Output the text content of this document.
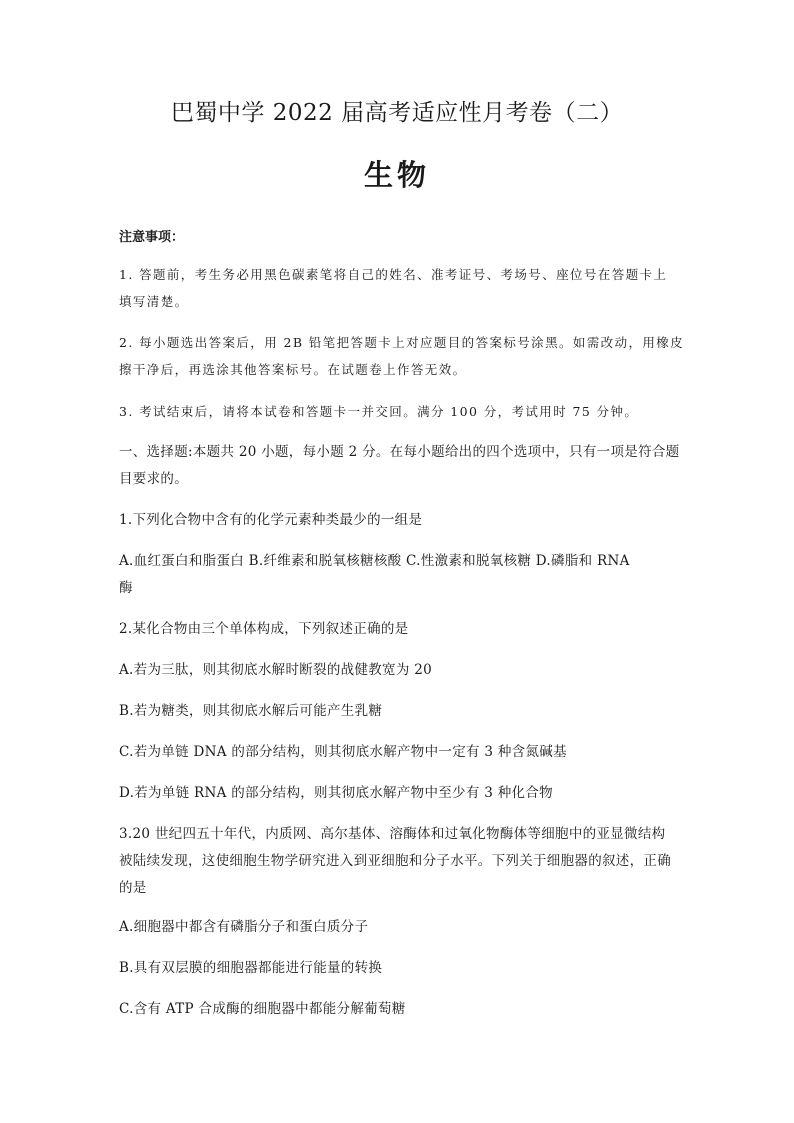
巴蜀中学 2022 届高考适应性月考卷（二）
生物
注意事项：
1. 答题前，考生务必用黑色碳素笔将自己的姓名、准考证号、考场号、座位号在答题卡上
填写清楚。
2. 每小题选出答案后，用 2B 铅笔把答题卡上对应题目的答案标号涂黑。如需改动，用橡皮
擦干净后，再选涂其他答案标号。在试题卷上作答无效。
3. 考试结束后，请将本试卷和答题卡一并交回。满分 100 分，考试用时 75 分钟。
一、选择题:本题共 20 小题，每小题 2 分。在每小题给出的四个选项中，只有一项是符合题
目要求的。
1.下列化合物中含有的化学元素种类最少的一组是
A.血红蛋白和脂蛋白 B.纤维素和脱氧核糖核酸 C.性激素和脱氧核糖 D.磷脂和 RNA
酶
2.某化合物由三个单体构成，下列叙述正确的是
A.若为三肽，则其彻底水解时断裂的战健教宽为 20
B.若为糖类，则其彻底水解后可能产生乳糖
C.若为单链 DNA 的部分结构，则其彻底水解产物中一定有 3 种含氮碱基
D.若为单链 RNA 的部分结构，则其彻底水解产物中至少有 3 种化合物
3.20 世纪四五十年代，内质网、高尔基体、溶酶体和过氧化物酶体等细胞中的亚显微结构
被陆续发现，这使细胞生物学研究进入到亚细胞和分子水平。下列关于细胞器的叙述，正确
的是
A.细胞器中都含有磷脂分子和蛋白质分子
B.具有双层膜的细胞器都能进行能量的转换
C.含有 ATP 合成酶的细胞器中都能分解葡萄糖
